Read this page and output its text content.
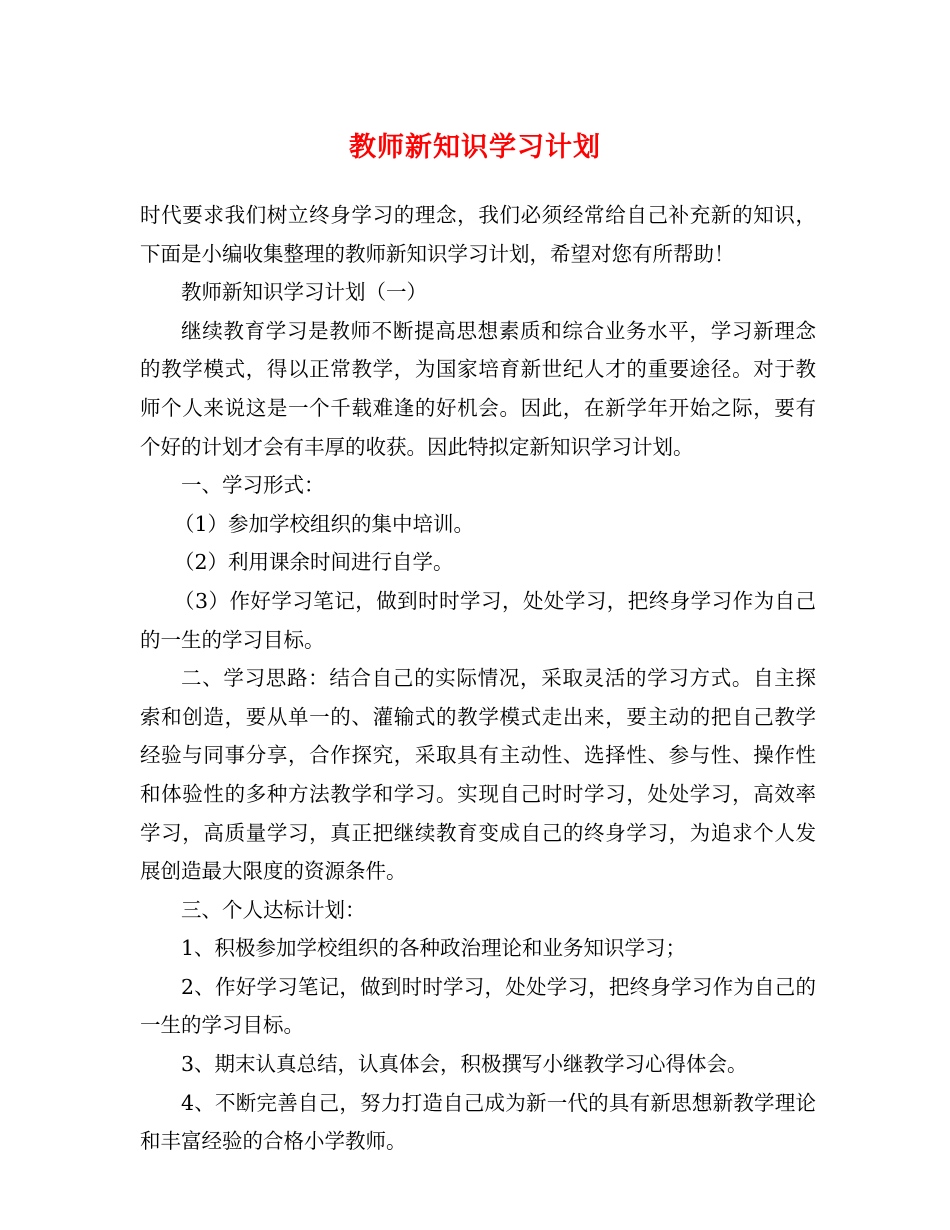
教师新知识学习计划

时代要求我们树立终身学习的理念，我们必须经常给自己补充新的知识，下面是小编收集整理的教师新知识学习计划，希望对您有所帮助！

教师新知识学习计划（一）

继续教育学习是教师不断提高思想素质和综合业务水平，学习新理念的教学模式，得以正常教学，为国家培育新世纪人才的重要途径。对于教师个人来说这是一个千载难逢的好机会。因此，在新学年开始之际，要有个好的计划才会有丰厚的收获。因此特拟定新知识学习计划。

一、学习形式：

（1）参加学校组织的集中培训。

（2）利用课余时间进行自学。

（3）作好学习笔记，做到时时学习，处处学习，把终身学习作为自己的一生的学习目标。

二、学习思路：结合自己的实际情况，采取灵活的学习方式。自主探索和创造，要从单一的、灌输式的教学模式走出来，要主动的把自己教学经验与同事分享，合作探究，采取具有主动性、选择性、参与性、操作性和体验性的多种方法教学和学习。实现自己时时学习，处处学习，高效率学习，高质量学习，真正把继续教育变成自己的终身学习，为追求个人发展创造最大限度的资源条件。

三、个人达标计划：

1、积极参加学校组织的各种政治理论和业务知识学习；

2、作好学习笔记，做到时时学习，处处学习，把终身学习作为自己的一生的学习目标。

3、期末认真总结，认真体会，积极撰写小继教学习心得体会。

4、不断完善自己，努力打造自己成为新一代的具有新思想新教学理论和丰富经验的合格小学教师。
